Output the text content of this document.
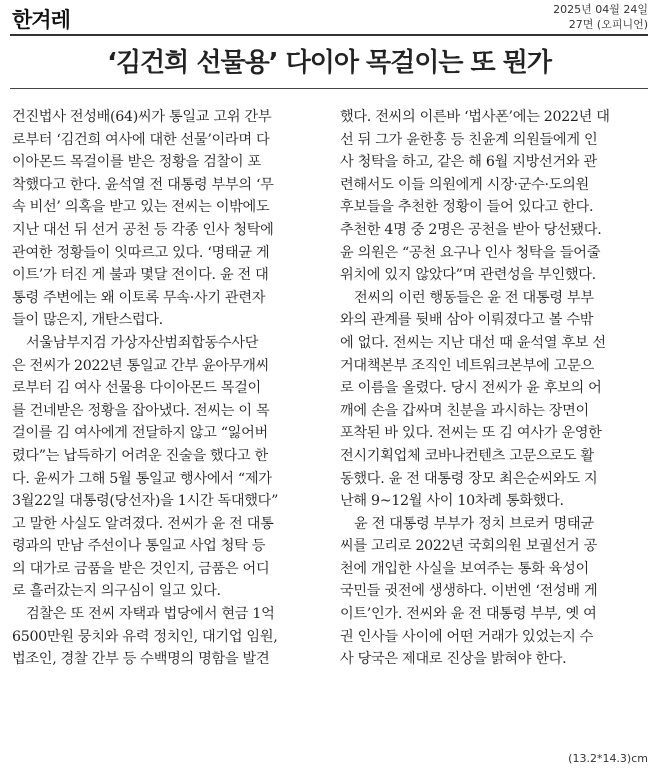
한겨레	2025년 04월 24일
27면 (오피니언)
‘김건희 선물용’ 다이아 목걸이는 또 뭔가
건진법사 전성배(64)씨가 통일교 고위 간부
로부터 ‘김건희 여사에 대한 선물’이라며 다
이아몬드 목걸이를 받은 정황을 검찰이 포
착했다고 한다. 윤석열 전 대통령 부부의 ‘무
속 비선’ 의혹을 받고 있는 전씨는 이밖에도
지난 대선 뒤 선거 공천 등 각종 인사 청탁에
관여한 정황들이 잇따르고 있다. ‘명태균 게
이트’가 터진 게 불과 몇달 전이다. 윤 전 대
통령 주변에는 왜 이토록 무속·사기 관련자
들이 많은지, 개탄스럽다.
서울남부지검 가상자산범죄합동수사단
은 전씨가 2022년 통일교 간부 윤아무개씨
로부터 김 여사 선물용 다이아몬드 목걸이
를 건네받은 정황을 잡아냈다. 전씨는 이 목
걸이를 김 여사에게 전달하지 않고 “잃어버
렸다”는 납득하기 어려운 진술을 했다고 한
다. 윤씨가 그해 5월 통일교 행사에서 “제가
3월22일 대통령(당선자)을 1시간 독대했다”
고 말한 사실도 알려졌다. 전씨가 윤 전 대통
령과의 만남 주선이나 통일교 사업 청탁 등
의 대가로 금품을 받은 것인지, 금품은 어디
로 흘러갔는지 의구심이 일고 있다.
검찰은 또 전씨 자택과 법당에서 현금 1억
6500만원 뭉치와 유력 정치인, 대기업 임원,
법조인, 경찰 간부 등 수백명의 명함을 발견
했다. 전씨의 이른바 ‘법사폰’에는 2022년 대
선 뒤 그가 윤한홍 등 친윤계 의원들에게 인
사 청탁을 하고, 같은 해 6월 지방선거와 관
련해서도 이들 의원에게 시장·군수·도의원
후보들을 추천한 정황이 들어 있다고 한다.
추천한 4명 중 2명은 공천을 받아 당선됐다.
윤 의원은 “공천 요구나 인사 청탁을 들어줄
위치에 있지 않았다”며 관련성을 부인했다.
전씨의 이런 행동들은 윤 전 대통령 부부
와의 관계를 뒷배 삼아 이뤄졌다고 볼 수밖
에 없다. 전씨는 지난 대선 때 윤석열 후보 선
거대책본부 조직인 네트워크본부에 고문으
로 이름을 올렸다. 당시 전씨가 윤 후보의 어
깨에 손을 갑싸며 친분을 과시하는 장면이
포착된 바 있다. 전씨는 또 김 여사가 운영한
전시기획업체 코바나컨텐츠 고문으로도 활
동했다. 윤 전 대통령 장모 최은순씨와도 지
난해 9~12월 사이 10차례 통화했다.
윤 전 대통령 부부가 정치 브로커 명태균
씨를 고리로 2022년 국회의원 보궐선거 공
천에 개입한 사실을 보여주는 통화 육성이
국민들 귓전에 생생하다. 이번엔 ‘전성배 게
이트’인가. 전씨와 윤 전 대통령 부부, 옛 여
권 인사들 사이에 어떤 거래가 있었는지 수
사 당국은 제대로 진상을 밝혀야 한다.
(13.2*14.3)cm
